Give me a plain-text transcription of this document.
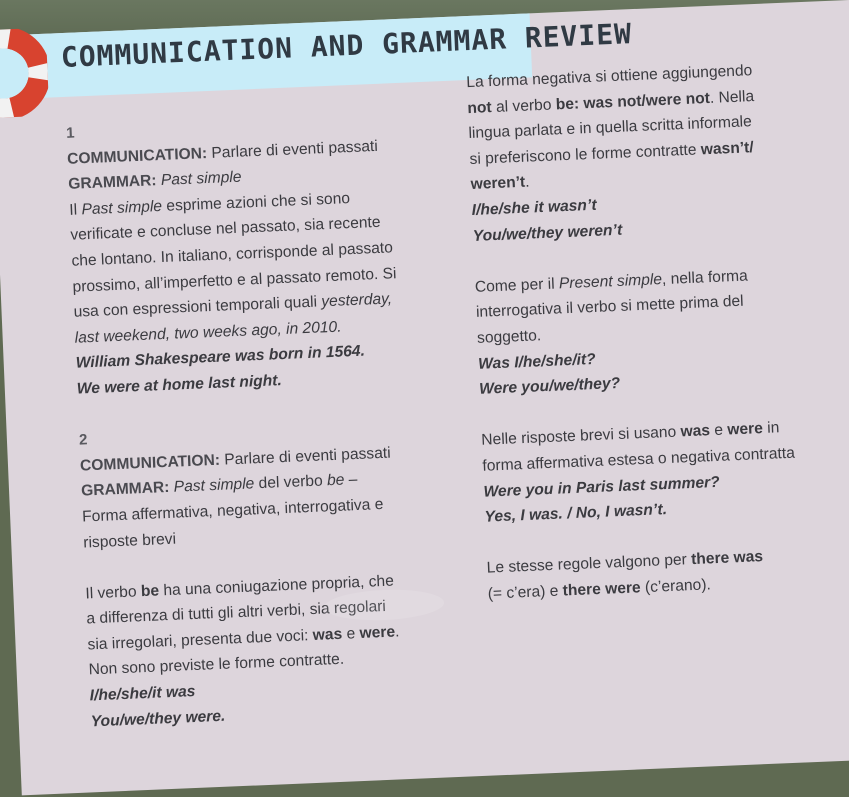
COMMUNICATION AND GRAMMAR REVIEW

1

COMMUNICATION: Parlare di eventi passati

GRAMMAR: Past simple

Il Past simple esprime azioni che si sono

verificate e concluse nel passato, sia recente

che lontano. In italiano, corrisponde al passato

prossimo, all’imperfetto e al passato remoto. Si

usa con espressioni temporali quali yesterday,

last weekend, two weeks ago, in 2010.

William Shakespeare was born in 1564.

We were at home last night.

2

COMMUNICATION: Parlare di eventi passati

GRAMMAR: Past simple del verbo be –

Forma affermativa, negativa, interrogativa e

risposte brevi

Il verbo be ha una coniugazione propria, che

a differenza di tutti gli altri verbi, sia regolari

sia irregolari, presenta due voci: was e were.

Non sono previste le forme contratte.

I/he/she/it was

You/we/they were.

La forma negativa si ottiene aggiungendo

not al verbo be: was not/were not. Nella

lingua parlata e in quella scritta informale

si preferiscono le forme contratte wasn’t/

weren’t.

I/he/she it wasn’t

You/we/they weren’t

Come per il Present simple, nella forma

interrogativa il verbo si mette prima del

soggetto.

Was I/he/she/it?

Were you/we/they?

Nelle risposte brevi si usano was e were in

forma affermativa estesa o negativa contratta

Were you in Paris last summer?

Yes, I was. / No, I wasn’t.

Le stesse regole valgono per there was

(= c’era) e there were (c’erano).
